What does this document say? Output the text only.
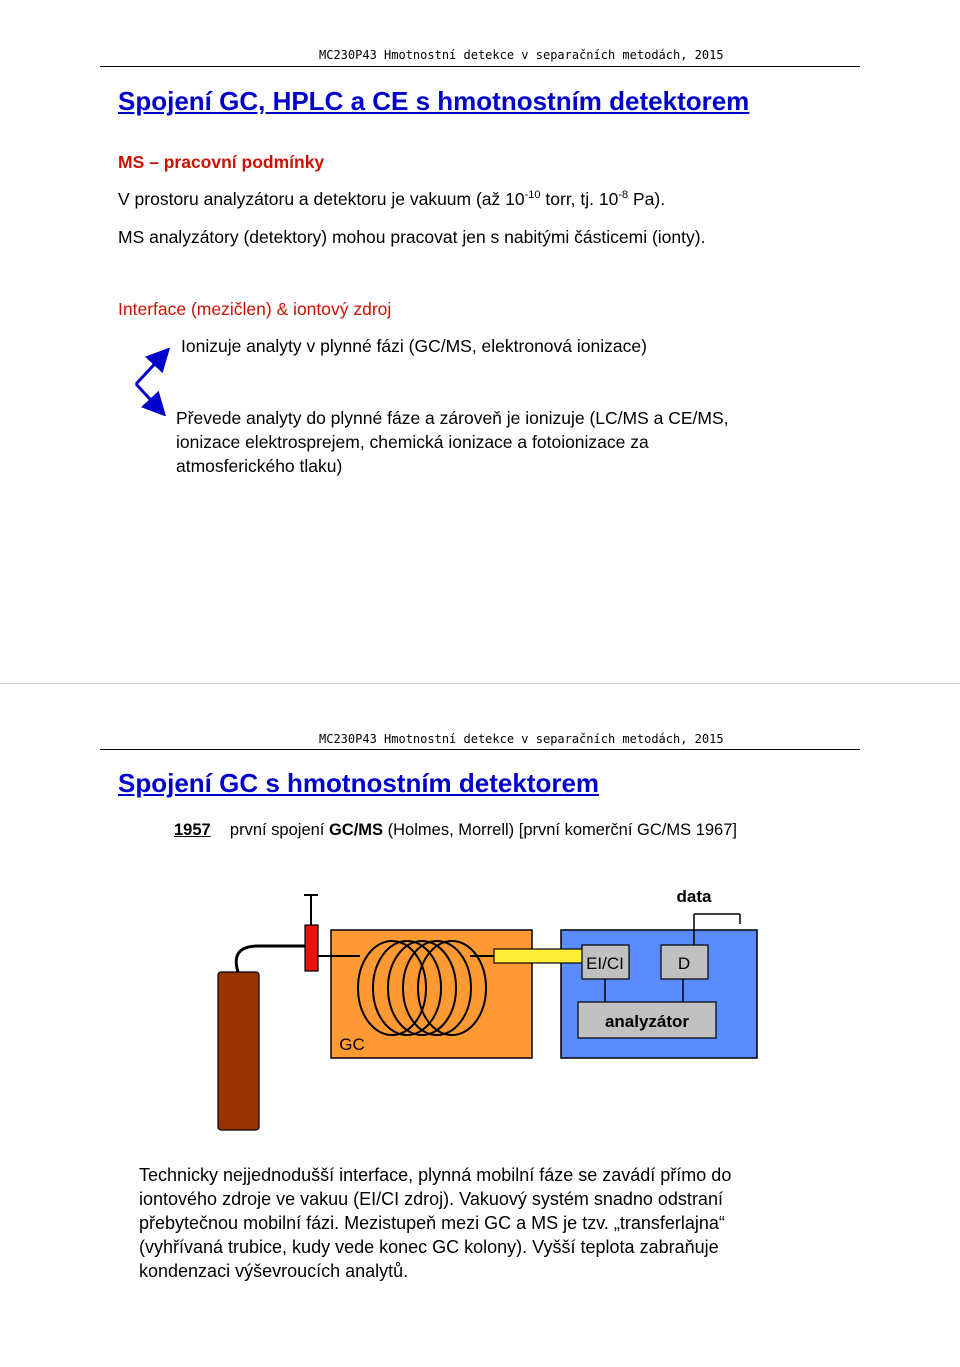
MC230P43 Hmotnostní detekce v separačních metodách, 2015
Spojení GC, HPLC a CE s hmotnostním detektorem
MS – pracovní podmínky
V prostoru analyzátoru a detektoru je vakuum (až $10^{-10}$ torr, tj. $10^{-8}$ Pa).
MS analyzátory (detektory) mohou pracovat jen s nabitými částicemi (ionty).
Interface (mezičlen) & iontový zdroj
Ionizuje analyty v plynné fázi (GC/MS, elektronová ionizace)
Převede analyty do plynné fáze a zároveň je ionizuje (LC/MS a CE/MS,
ionizace elektrosprejem, chemická ionizace a fotoionizace za
atmosferického tlaku)
MC230P43 Hmotnostní detekce v separačních metodách, 2015
Spojení GC s hmotnostním detektorem
1957 první spojení GC/MS (Holmes, Morrell) [první komerční GC/MS 1967]
data
EI/CI	D
analyzátor
GC
Technicky nejjednodušší interface, plynná mobilní fáze se zavádí přímo do
iontového zdroje ve vakuu (EI/CI zdroj). Vakuový systém snadno odstraní
přebytečnou mobilní fázi. Mezistupeň mezi GC a MS je tzv. „transferlajna“
(vyhřívaná trubice, kudy vede konec GC kolony). Vyšší teplota zabraňuje
kondenzaci výševroucích analytů.
